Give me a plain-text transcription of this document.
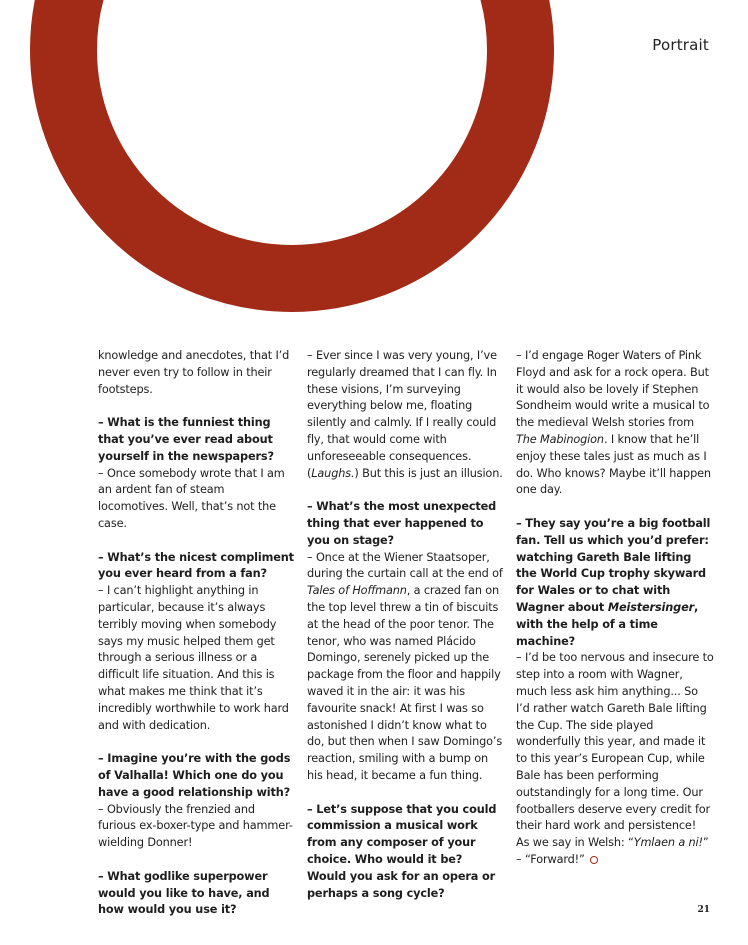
Portrait

knowledge and anecdotes, that I’d never even try to follow in their footsteps.

– What is the funniest thing that you’ve ever read about yourself in the newspapers?
– Once somebody wrote that I am an ardent fan of steam locomotives. Well, that’s not the case.

– What’s the nicest compliment you ever heard from a fan?
– I can’t highlight anything in particular, because it’s always terribly moving when somebody says my music helped them get through a serious illness or a difficult life situation. And this is what makes me think that it’s incredibly worthwhile to work hard and with dedication.

– Imagine you’re with the gods of Valhalla! Which one do you have a good relationship with?
– Obviously the frenzied and furious ex-boxer-type and hammer-wielding Donner!

– What godlike superpower would you like to have, and how would you use it?

– Ever since I was very young, I’ve regularly dreamed that I can fly. In these visions, I’m surveying everything below me, floating silently and calmly. If I really could fly, that would come with unforeseeable consequences. (Laughs.) But this is just an illusion.

– What’s the most unexpected thing that ever happened to you on stage?
– Once at the Wiener Staatsoper, during the curtain call at the end of Tales of Hoffmann, a crazed fan on the top level threw a tin of biscuits at the head of the poor tenor. The tenor, who was named Plácido Domingo, serenely picked up the package from the floor and happily waved it in the air: it was his favourite snack! At first I was so astonished I didn’t know what to do, but then when I saw Domingo’s reaction, smiling with a bump on his head, it became a fun thing.

– Let’s suppose that you could commission a musical work from any composer of your choice. Who would it be? Would you ask for an opera or perhaps a song cycle?

– I’d engage Roger Waters of Pink Floyd and ask for a rock opera. But it would also be lovely if Stephen Sondheim would write a musical to the medieval Welsh stories from The Mabinogion. I know that he’ll enjoy these tales just as much as I do. Who knows? Maybe it’ll happen one day.

– They say you’re a big football fan. Tell us which you’d prefer: watching Gareth Bale lifting the World Cup trophy skyward for Wales or to chat with Wagner about Meistersinger, with the help of a time machine?
– I’d be too nervous and insecure to step into a room with Wagner, much less ask him anything... So I’d rather watch Gareth Bale lifting the Cup. The side played wonderfully this year, and made it to this year’s European Cup, while Bale has been performing outstandingly for a long time. Our footballers deserve every credit for their hard work and persistence!
As we say in Welsh: “Ymlaen a ni!” – “Forward!”

21
